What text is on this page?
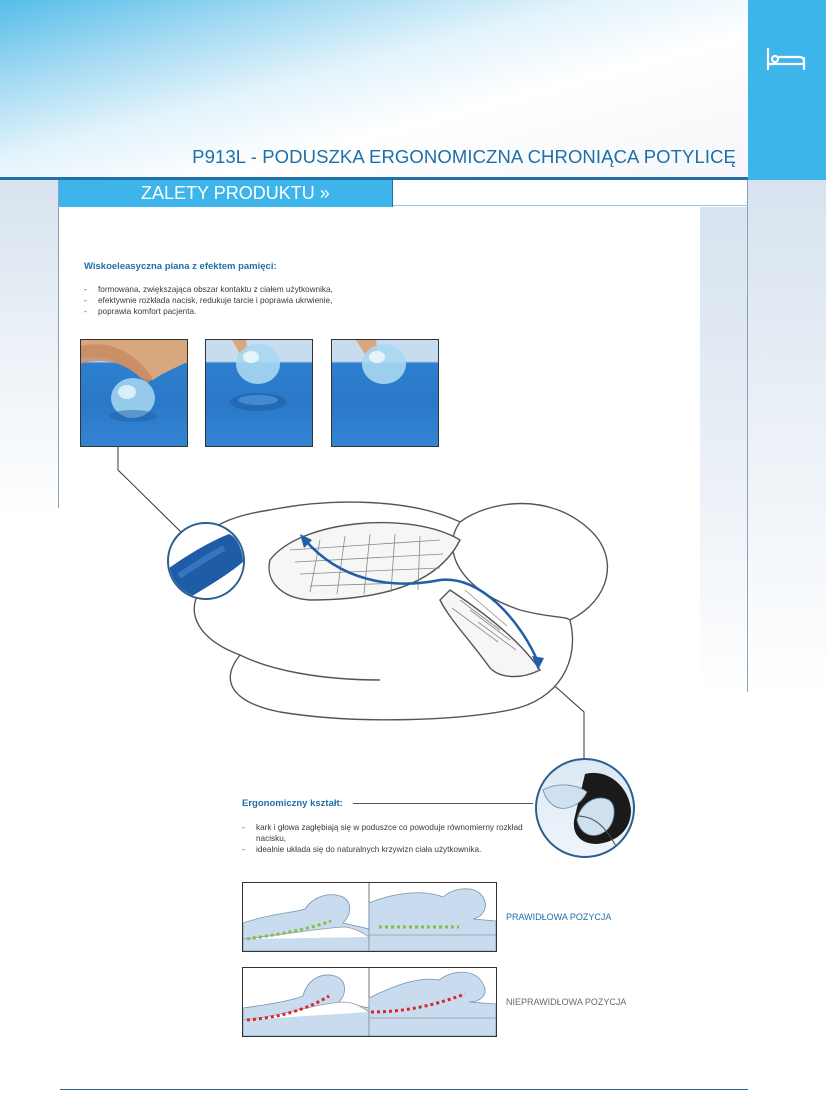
P913L - PODUSZKA ERGONOMICZNA CHRONIĄCA POTYLICĘ
ZALETY PRODUKTU »

Wiskoeleasyczna piana z efektem pamięci:

- formowana, zwiększająca obszar kontaktu z ciałem użytkownika,
- efektywnie rozkłada nacisk, redukuje tarcie i poprawia ukrwienie,
- poprawia komfort pacjenta.

Ergonomiczny kształt:

- kark i głowa zagłębiają się w poduszce co powoduje równomierny rozkład nacisku,
- idealnie układa się do naturalnych krzywizn ciała użytkownika.
PRAWIDŁOWA POZYCJA
NIEPRAWIDŁOWA POZYCJA
